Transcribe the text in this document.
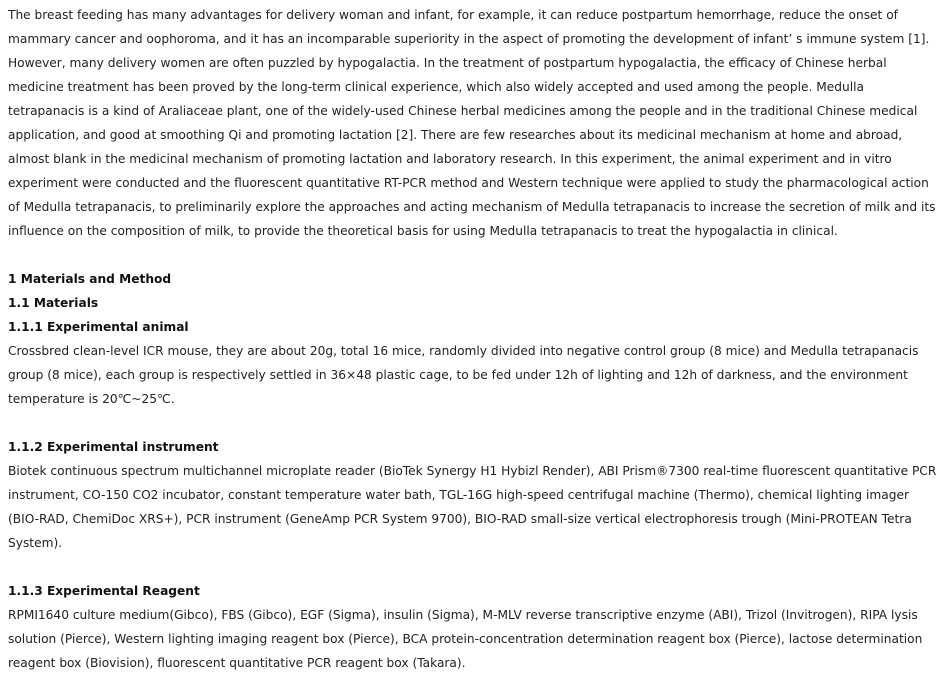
The breast feeding has many advantages for delivery woman and infant, for example, it can reduce postpartum hemorrhage, reduce the onset of mammary cancer and oophoroma, and it has an incomparable superiority in the aspect of promoting the development of infant’ s immune system [1]. However, many delivery women are often puzzled by hypogalactia. In the treatment of postpartum hypogalactia, the efficacy of Chinese herbal medicine treatment has been proved by the long-term clinical experience, which also widely accepted and used among the people. Medulla tetrapanacis is a kind of Araliaceae plant, one of the widely-used Chinese herbal medicines among the people and in the traditional Chinese medical application, and good at smoothing Qi and promoting lactation [2]. There are few researches about its medicinal mechanism at home and abroad, almost blank in the medicinal mechanism of promoting lactation and laboratory research. In this experiment, the animal experiment and in vitro experiment were conducted and the fluorescent quantitative RT-PCR method and Western technique were applied to study the pharmacological action of Medulla tetrapanacis, to preliminarily explore the approaches and acting mechanism of Medulla tetrapanacis to increase the secretion of milk and its influence on the composition of milk, to provide the theoretical basis for using Medulla tetrapanacis to treat the hypogalactia in clinical.

1 Materials and Method

1.1 Materials

1.1.1 Experimental animal

Crossbred clean-level ICR mouse, they are about 20g, total 16 mice, randomly divided into negative control group (8 mice) and Medulla tetrapanacis group (8 mice), each group is respectively settled in 36×48 plastic cage, to be fed under 12h of lighting and 12h of darkness, and the environment temperature is 20℃~25℃.

1.1.2 Experimental instrument

Biotek continuous spectrum multichannel microplate reader (BioTek Synergy H1 Hybizl Render), ABI Prism®7300 real-time fluorescent quantitative PCR instrument, CO-150 CO2 incubator, constant temperature water bath, TGL-16G high-speed centrifugal machine (Thermo), chemical lighting imager (BIO-RAD, ChemiDoc XRS+), PCR instrument (GeneAmp PCR System 9700), BIO-RAD small-size vertical electrophoresis trough (Mini-PROTEAN Tetra System).

1.1.3 Experimental Reagent

RPMI1640 culture medium(Gibco), FBS (Gibco), EGF (Sigma), insulin (Sigma), M-MLV reverse transcriptive enzyme (ABI), Trizol (Invitrogen), RIPA lysis solution (Pierce), Western lighting imaging reagent box (Pierce), BCA protein-concentration determination reagent box (Pierce), lactose determination reagent box (Biovision), fluorescent quantitative PCR reagent box (Takara).
